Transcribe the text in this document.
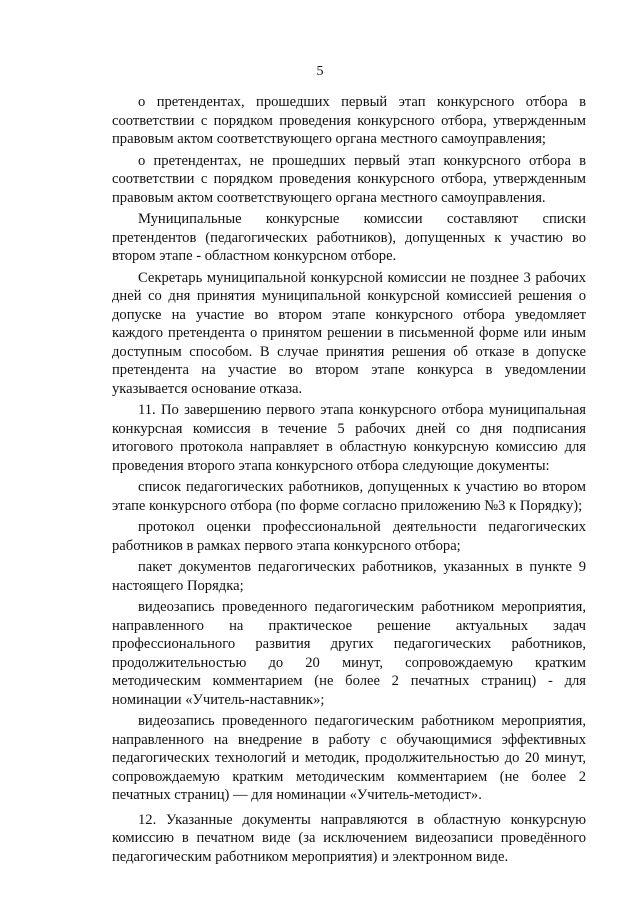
5

о претендентах, прошедших первый этап конкурсного отбора в соответствии с порядком проведения конкурсного отбора, утвержденным правовым актом соответствующего органа местного самоуправления;

о претендентах, не прошедших первый этап конкурсного отбора в соответствии с порядком проведения конкурсного отбора, утвержденным правовым актом соответствующего органа местного самоуправления.

Муниципальные конкурсные комиссии составляют списки претендентов (педагогических работников), допущенных к участию во втором этапе - областном конкурсном отборе.

Секретарь муниципальной конкурсной комиссии не позднее 3 рабочих дней со дня принятия муниципальной конкурсной комиссией решения о допуске на участие во втором этапе конкурсного отбора уведомляет каждого претендента о принятом решении в письменной форме или иным доступным способом. В случае принятия решения об отказе в допуске претендента на участие во втором этапе конкурса в уведомлении указывается основание отказа.

11. По завершению первого этапа конкурсного отбора муниципальная конкурсная комиссия в течение 5 рабочих дней со дня подписания итогового протокола направляет в областную конкурсную комиссию для проведения второго этапа конкурсного отбора следующие документы:

список педагогических работников, допущенных к участию во втором этапе конкурсного отбора (по форме согласно приложению №3 к Порядку);

протокол оценки профессиональной деятельности педагогических работников в рамках первого этапа конкурсного отбора;

пакет документов педагогических работников, указанных в пункте 9 настоящего Порядка;

видеозапись проведенного педагогическим работником мероприятия, направленного на практическое решение актуальных задач профессионального развития других педагогических работников, продолжительностью до 20 минут, сопровождаемую кратким методическим комментарием (не более 2 печатных страниц) - для номинации «Учитель-наставник»;

видеозапись проведенного педагогическим работником мероприятия, направленного на внедрение в работу с обучающимися эффективных педагогических технологий и методик, продолжительностью до 20 минут, сопровождаемую кратким методическим комментарием (не более 2 печатных страниц) — для номинации «Учитель-методист».

12. Указанные документы направляются в областную конкурсную комиссию в печатном виде (за исключением видеозаписи проведённого педагогическим работником мероприятия) и электронном виде.
